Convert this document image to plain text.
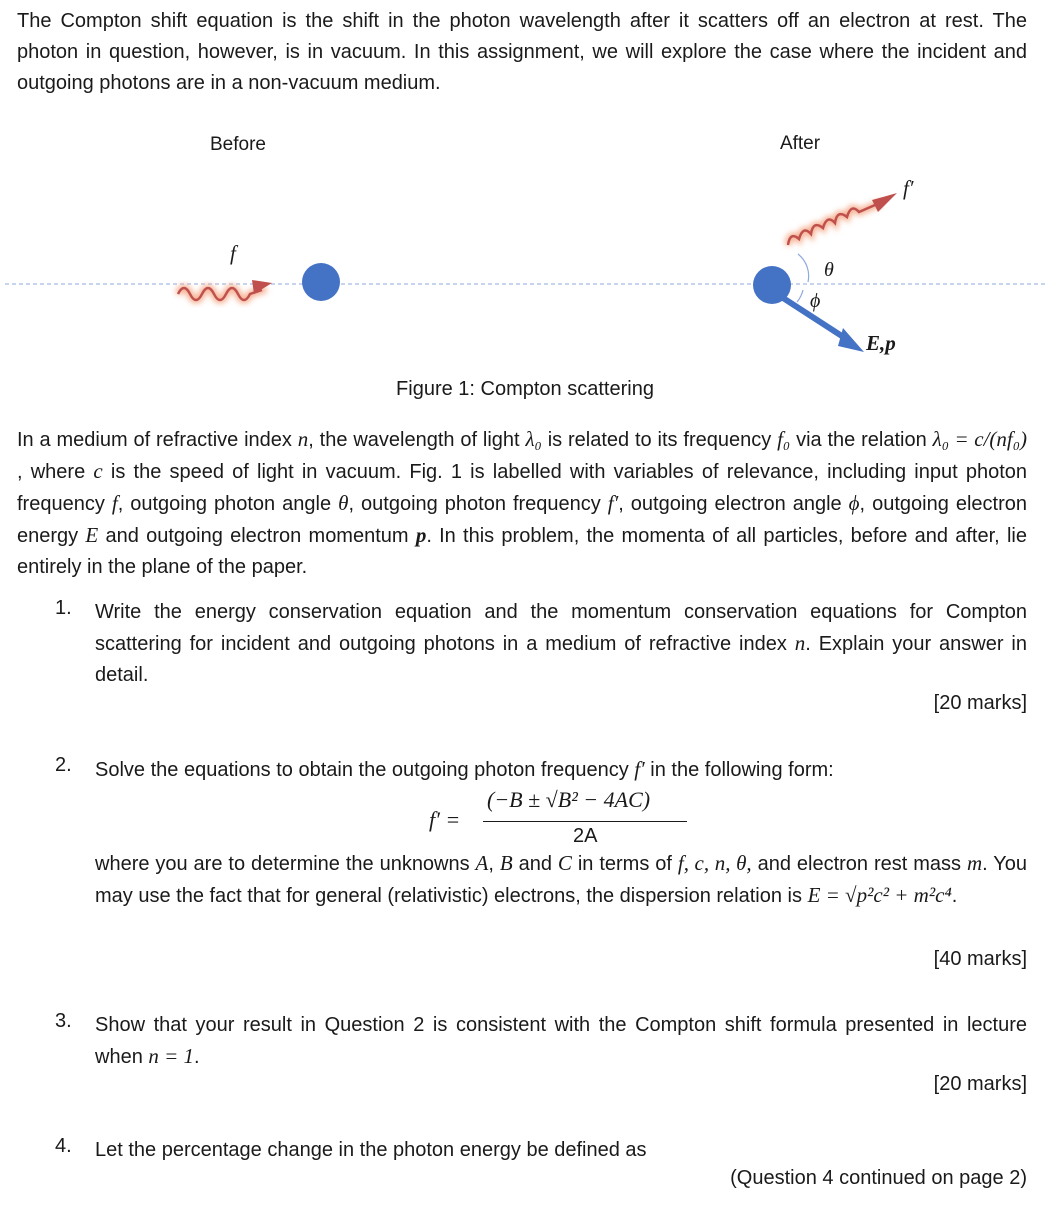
The Compton shift equation is the shift in the photon wavelength after it scatters off an electron at rest. The photon in question, however, is in vacuum. In this assignment, we will explore the case where the incident and outgoing photons are in a non-vacuum medium.
Before	After
f
f′
θ
ϕ
E,p
Figure 1: Compton scattering
In a medium of refractive index n, the wavelength of light λ₀ is related to its frequency f₀ via the relation λ₀ = c/(nf₀) , where c is the speed of light in vacuum. Fig. 1 is labelled with variables of relevance, including input photon frequency f, outgoing photon angle θ, outgoing photon frequency f′, outgoing electron angle ϕ, outgoing electron energy E and outgoing electron momentum p. In this problem, the momenta of all particles, before and after, lie entirely in the plane of the paper.
1. Write the energy conservation equation and the momentum conservation equations for Compton scattering for incident and outgoing photons in a medium of refractive index n. Explain your answer in detail.
[20 marks]
2. Solve the equations to obtain the outgoing photon frequency f′ in the following form:
f′ =
(−B ± √B² − 4AC)
2A
where you are to determine the unknowns A, B and C in terms of f, c, n, θ, and electron rest mass m. You may use the fact that for general (relativistic) electrons, the dispersion relation is E = √p²c² + m²c⁴.
[40 marks]
3. Show that your result in Question 2 is consistent with the Compton shift formula presented in lecture when n = 1.
[20 marks]
4. Let the percentage change in the photon energy be defined as
(Question 4 continued on page 2)
